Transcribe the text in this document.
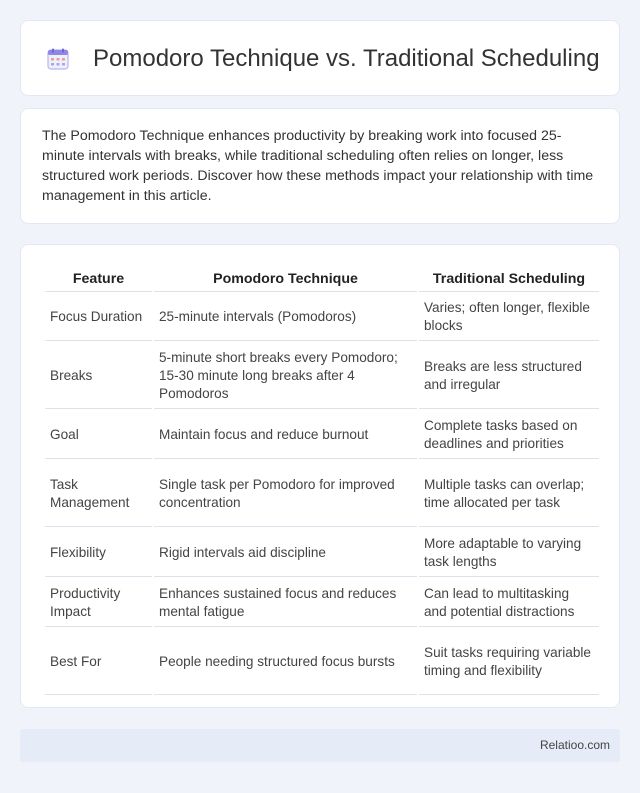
Pomodoro Technique vs. Traditional Scheduling

The Pomodoro Technique enhances productivity by breaking work into focused 25-minute intervals with breaks, while traditional scheduling often relies on longer, less structured work periods. Discover how these methods impact your relationship with time management in this article.

Feature	Pomodoro Technique	Traditional Scheduling
Focus Duration	25-minute intervals (Pomodoros)	Varies; often longer, flexible blocks
Breaks	5-minute short breaks every Pomodoro; 15-30 minute long breaks after 4 Pomodoros	Breaks are less structured and irregular
Goal	Maintain focus and reduce burnout	Complete tasks based on deadlines and priorities
Task Management	Single task per Pomodoro for improved concentration	Multiple tasks can overlap; time allocated per task
Flexibility	Rigid intervals aid discipline	More adaptable to varying task lengths
Productivity Impact	Enhances sustained focus and reduces mental fatigue	Can lead to multitasking and potential distractions
Best For	People needing structured focus bursts	Suit tasks requiring variable timing and flexibility
Relatioo.com
